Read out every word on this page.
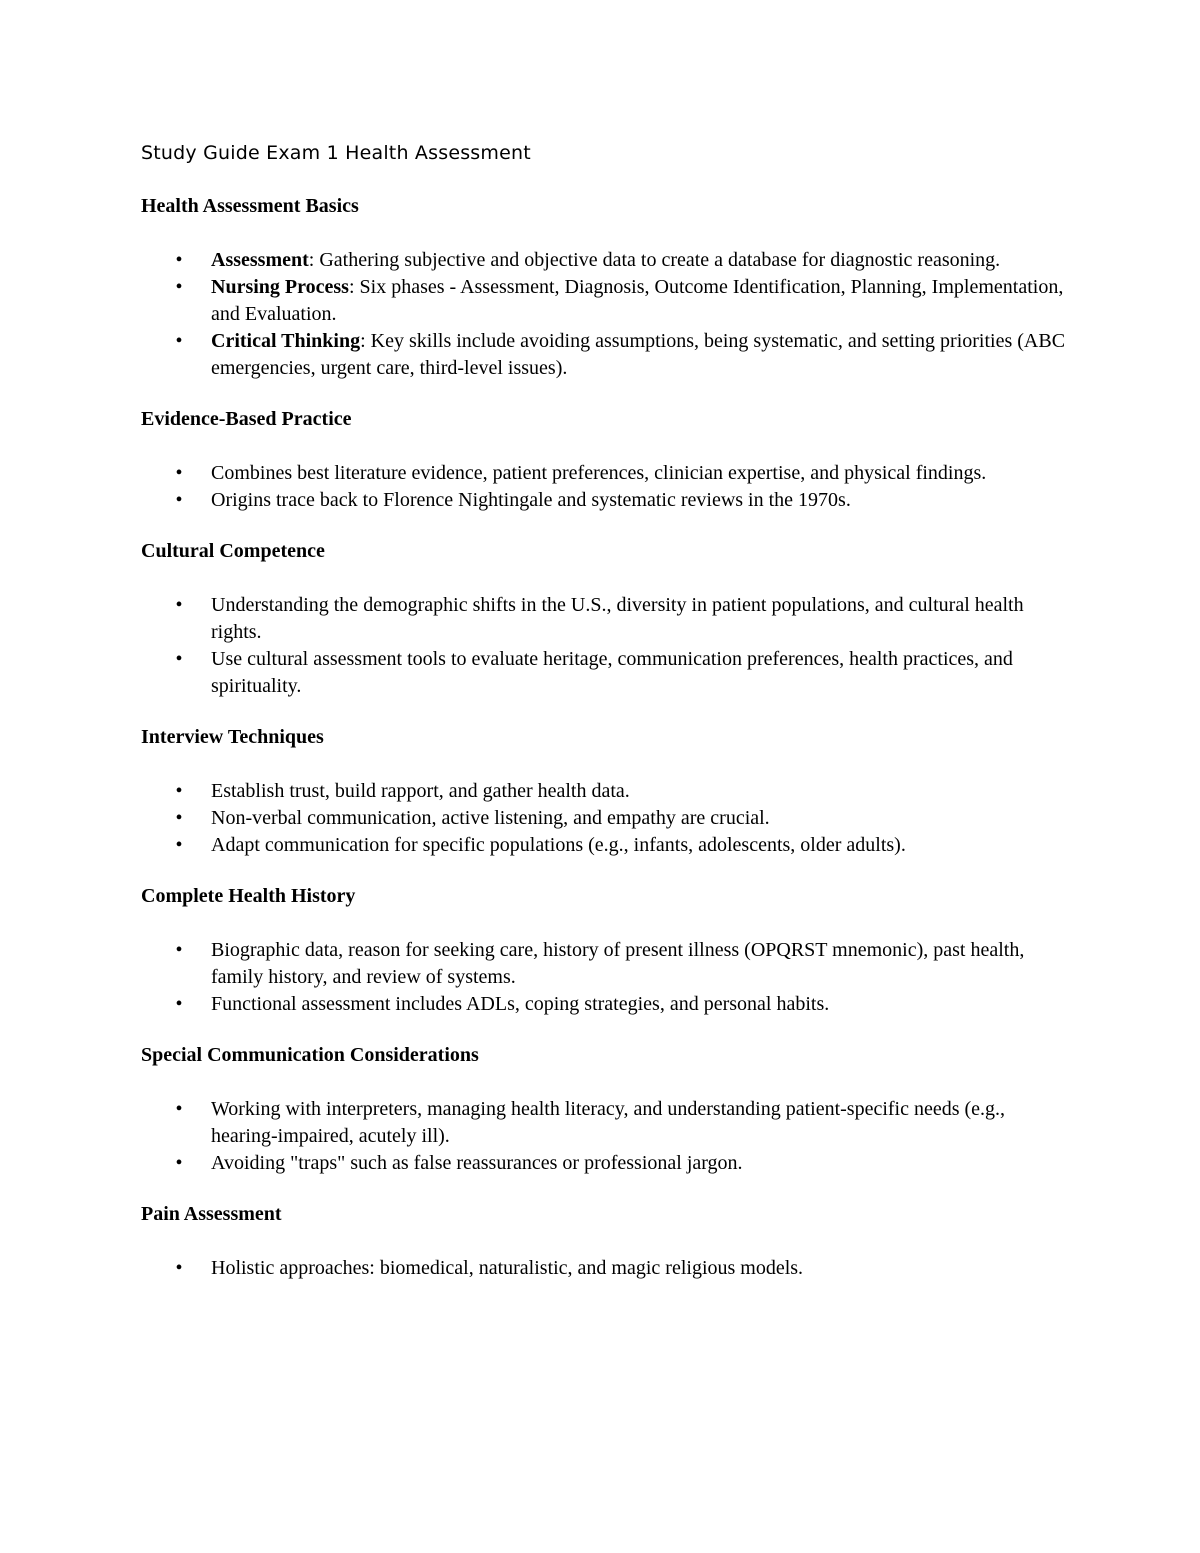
Study Guide Exam 1 Health Assessment
Health Assessment Basics
• Assessment: Gathering subjective and objective data to create a database for diagnostic reasoning.
• Nursing Process: Six phases - Assessment, Diagnosis, Outcome Identification, Planning, Implementation, and Evaluation.
• Critical Thinking: Key skills include avoiding assumptions, being systematic, and setting priorities (ABC emergencies, urgent care, third-level issues).
Evidence-Based Practice
• Combines best literature evidence, patient preferences, clinician expertise, and physical findings.
• Origins trace back to Florence Nightingale and systematic reviews in the 1970s.
Cultural Competence
• Understanding the demographic shifts in the U.S., diversity in patient populations, and cultural health rights.
• Use cultural assessment tools to evaluate heritage, communication preferences, health practices, and spirituality.
Interview Techniques
• Establish trust, build rapport, and gather health data.
• Non-verbal communication, active listening, and empathy are crucial.
• Adapt communication for specific populations (e.g., infants, adolescents, older adults).
Complete Health History
• Biographic data, reason for seeking care, history of present illness (OPQRST mnemonic), past health, family history, and review of systems.
• Functional assessment includes ADLs, coping strategies, and personal habits.
Special Communication Considerations
• Working with interpreters, managing health literacy, and understanding patient-specific needs (e.g., hearing-impaired, acutely ill).
• Avoiding "traps" such as false reassurances or professional jargon.
Pain Assessment
• Holistic approaches: biomedical, naturalistic, and magic religious models.
